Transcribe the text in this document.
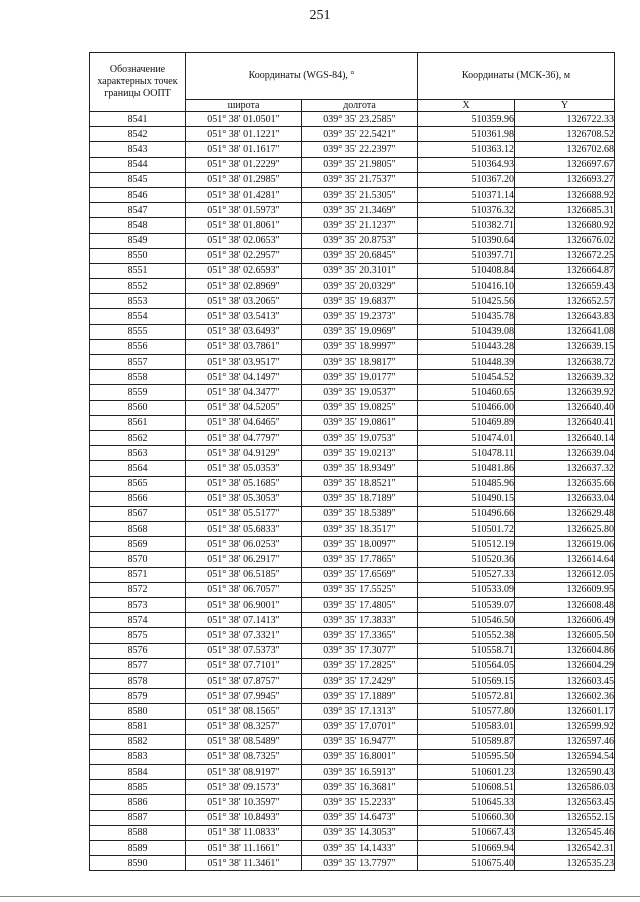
251
Обозначение характерных точек границы ООПТ	Координаты (WGS-84), °		Координаты (МСК-36), м	
	широта	долгота	X	Y
8541	051° 38' 01.0501"	039° 35' 23.2585"	510359.96	1326722.33
8542	051° 38' 01.1221"	039° 35' 22.5421"	510361.98	1326708.52
8543	051° 38' 01.1617"	039° 35' 22.2397"	510363.12	1326702.68
8544	051° 38' 01.2229"	039° 35' 21.9805"	510364.93	1326697.67
8545	051° 38' 01.2985"	039° 35' 21.7537"	510367.20	1326693.27
8546	051° 38' 01.4281"	039° 35' 21.5305"	510371.14	1326688.92
8547	051° 38' 01.5973"	039° 35' 21.3469"	510376.32	1326685.31
8548	051° 38' 01.8061"	039° 35' 21.1237"	510382.71	1326680.92
8549	051° 38' 02.0653"	039° 35' 20.8753"	510390.64	1326676.02
8550	051° 38' 02.2957"	039° 35' 20.6845"	510397.71	1326672.25
8551	051° 38' 02.6593"	039° 35' 20.3101"	510408.84	1326664.87
8552	051° 38' 02.8969"	039° 35' 20.0329"	510416.10	1326659.43
8553	051° 38' 03.2065"	039° 35' 19.6837"	510425.56	1326652.57
8554	051° 38' 03.5413"	039° 35' 19.2373"	510435.78	1326643.83
8555	051° 38' 03.6493"	039° 35' 19.0969"	510439.08	1326641.08
8556	051° 38' 03.7861"	039° 35' 18.9997"	510443.28	1326639.15
8557	051° 38' 03.9517"	039° 35' 18.9817"	510448.39	1326638.72
8558	051° 38' 04.1497"	039° 35' 19.0177"	510454.52	1326639.32
8559	051° 38' 04.3477"	039° 35' 19.0537"	510460.65	1326639.92
8560	051° 38' 04.5205"	039° 35' 19.0825"	510466.00	1326640.40
8561	051° 38' 04.6465"	039° 35' 19.0861"	510469.89	1326640.41
8562	051° 38' 04.7797"	039° 35' 19.0753"	510474.01	1326640.14
8563	051° 38' 04.9129"	039° 35' 19.0213"	510478.11	1326639.04
8564	051° 38' 05.0353"	039° 35' 18.9349"	510481.86	1326637.32
8565	051° 38' 05.1685"	039° 35' 18.8521"	510485.96	1326635.66
8566	051° 38' 05.3053"	039° 35' 18.7189"	510490.15	1326633.04
8567	051° 38' 05.5177"	039° 35' 18.5389"	510496.66	1326629.48
8568	051° 38' 05.6833"	039° 35' 18.3517"	510501.72	1326625.80
8569	051° 38' 06.0253"	039° 35' 18.0097"	510512.19	1326619.06
8570	051° 38' 06.2917"	039° 35' 17.7865"	510520.36	1326614.64
8571	051° 38' 06.5185"	039° 35' 17.6569"	510527.33	1326612.05
8572	051° 38' 06.7057"	039° 35' 17.5525"	510533.09	1326609.95
8573	051° 38' 06.9001"	039° 35' 17.4805"	510539.07	1326608.48
8574	051° 38' 07.1413"	039° 35' 17.3833"	510546.50	1326606.49
8575	051° 38' 07.3321"	039° 35' 17.3365"	510552.38	1326605.50
8576	051° 38' 07.5373"	039° 35' 17.3077"	510558.71	1326604.86
8577	051° 38' 07.7101"	039° 35' 17.2825"	510564.05	1326604.29
8578	051° 38' 07.8757"	039° 35' 17.2429"	510569.15	1326603.45
8579	051° 38' 07.9945"	039° 35' 17.1889"	510572.81	1326602.36
8580	051° 38' 08.1565"	039° 35' 17.1313"	510577.80	1326601.17
8581	051° 38' 08.3257"	039° 35' 17.0701"	510583.01	1326599.92
8582	051° 38' 08.5489"	039° 35' 16.9477"	510589.87	1326597.46
8583	051° 38' 08.7325"	039° 35' 16.8001"	510595.50	1326594.54
8584	051° 38' 08.9197"	039° 35' 16.5913"	510601.23	1326590.43
8585	051° 38' 09.1573"	039° 35' 16.3681"	510608.51	1326586.03
8586	051° 38' 10.3597"	039° 35' 15.2233"	510645.33	1326563.45
8587	051° 38' 10.8493"	039° 35' 14.6473"	510660.30	1326552.15
8588	051° 38' 11.0833"	039° 35' 14.3053"	510667.43	1326545.46
8589	051° 38' 11.1661"	039° 35' 14.1433"	510669.94	1326542.31
8590	051° 38' 11.3461"	039° 35' 13.7797"	510675.40	1326535.23
